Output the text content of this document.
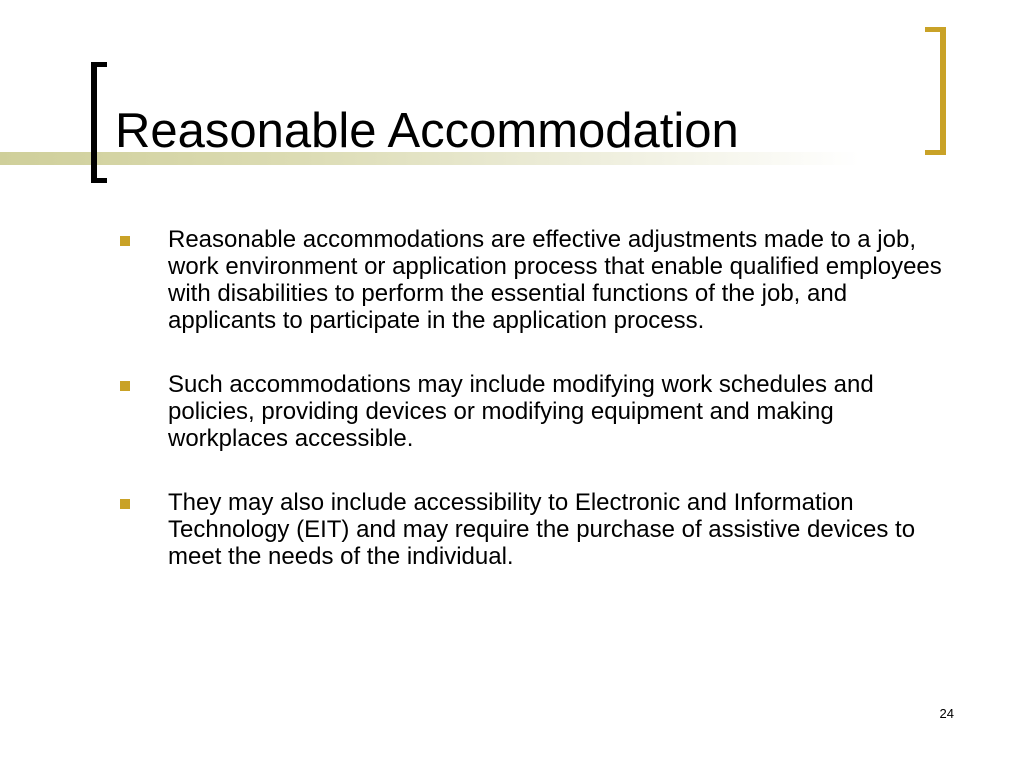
Reasonable Accommodation
Reasonable accommodations are effective adjustments made to a job, work environment or application process that enable qualified employees with disabilities to perform the essential functions of the job, and applicants to participate in the application process.
Such accommodations may include modifying work schedules and policies, providing devices or modifying equipment and making workplaces accessible.
They may also include accessibility to Electronic and Information Technology (EIT) and may require the purchase of assistive devices to meet the needs of the individual.
24
